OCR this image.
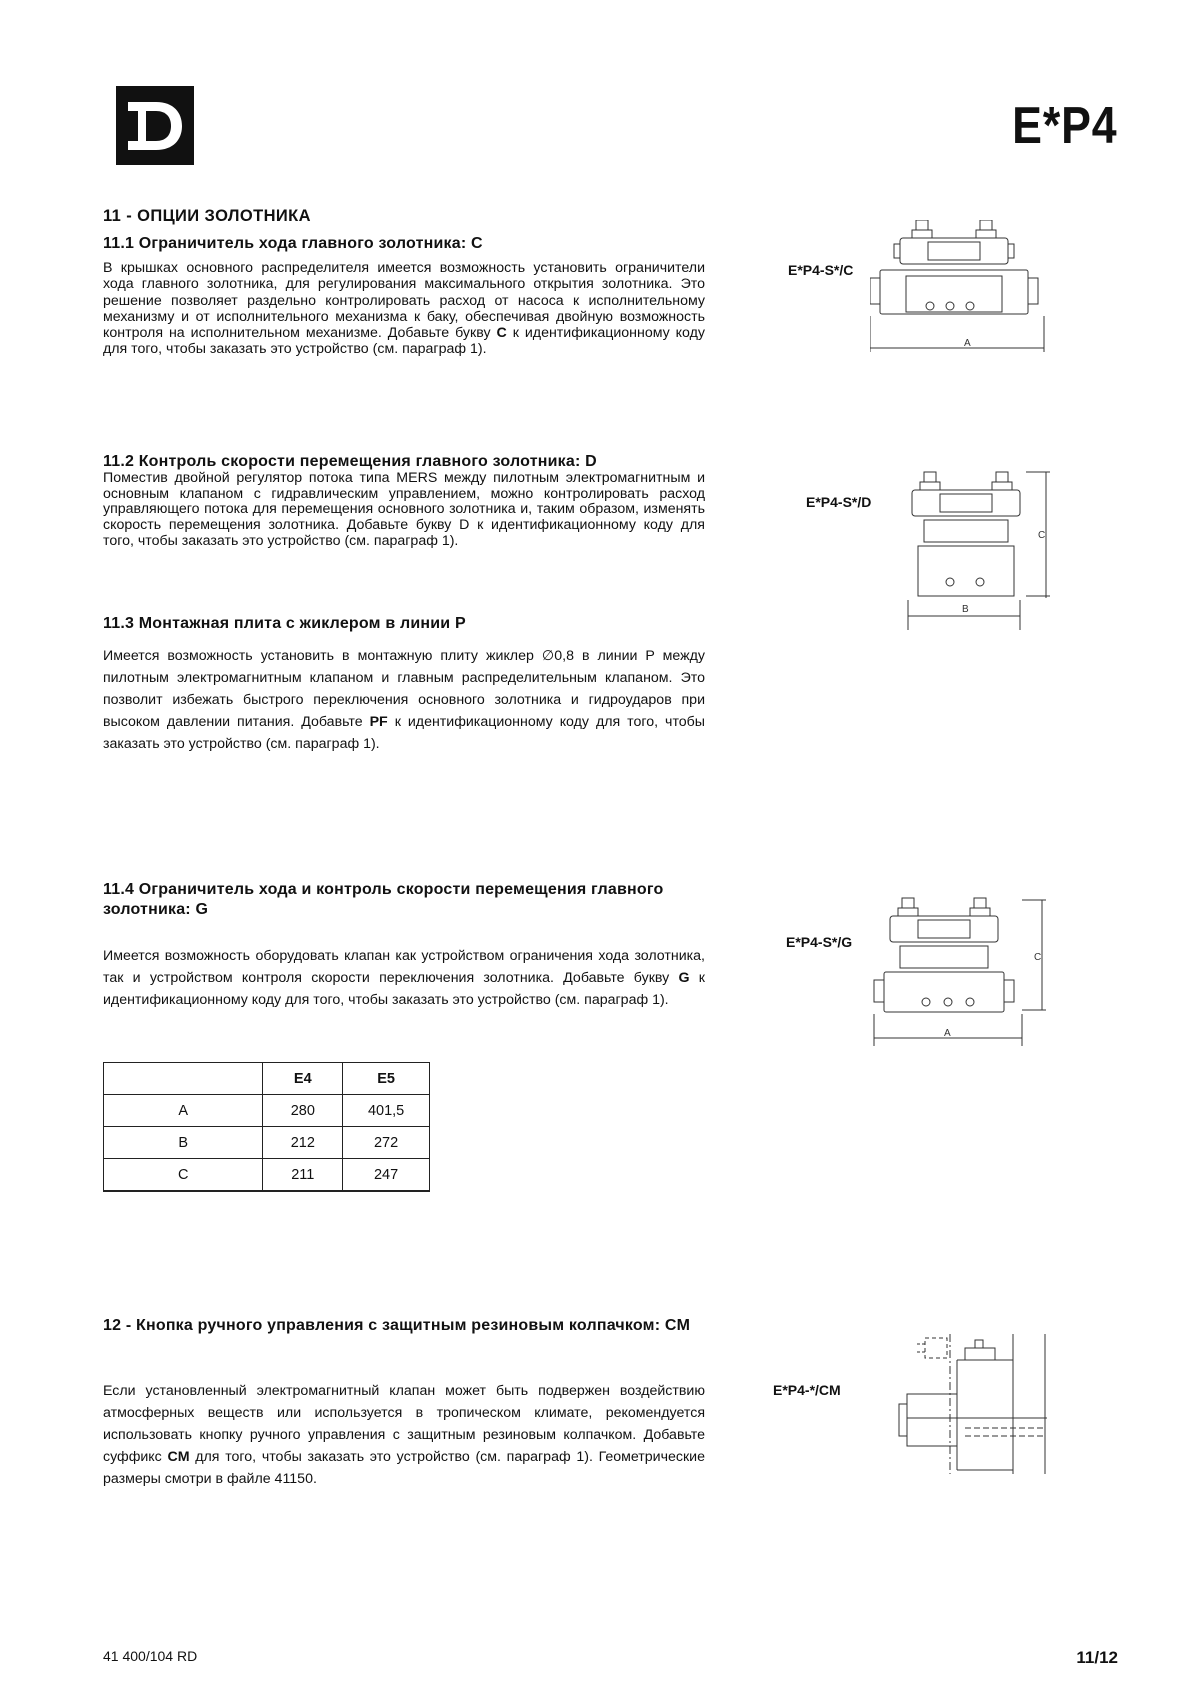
E*P4
11 - ОПЦИИ ЗОЛОТНИКА
11.1 Ограничитель хода главного золотника: C
В крышках основного распределителя имеется возможность установить ограничители хода главного золотника, для регулирования максимального открытия золотника. Это решение позволяет раздельно контролировать расход от насоса к исполнительному механизму и от исполнительного механизма к баку, обеспечивая двойную возможность контроля на исполнительном механизме. Добавьте букву C к идентификационному коду для того, чтобы заказать это устройство (см. параграф 1).
E*P4-S*/C
A
11.2 Контроль скорости перемещения главного золотника: D
Поместив двойной регулятор потока типа MERS между пилотным электромагнитным и основным клапаном с гидравлическим управлением, можно контролировать расход управляющего потока для перемещения основного золотника и, таким образом, изменять скорость перемещения золотника. Добавьте букву D к идентификационному коду для того, чтобы заказать это устройство (см. параграф 1).
E*P4-S*/D
C
B
11.3 Монтажная плита с жиклером в линии P
Имеется возможность установить в монтажную плиту жиклер ∅0,8 в линии P между пилотным электромагнитным клапаном и главным распределительным клапаном. Это позволит избежать быстрого переключения основного золотника и гидроударов при высоком давлении питания. Добавьте PF к идентификационному коду для того, чтобы заказать это устройство (см. параграф 1).
11.4 Ограничитель хода и контроль скорости перемещения главного золотника: G
Имеется возможность оборудовать клапан как устройством ограничения хода золотника, так и устройством контроля скорости переключения золотника. Добавьте букву G к идентификационному коду для того, чтобы заказать это устройство (см. параграф 1).
E*P4-S*/G
A
C
	E4	E5
A	280	401,5
B	212	272
C	211	247
12 - Кнопка ручного управления с защитным резиновым колпачком: CM
Если установленный электромагнитный клапан может быть подвержен воздействию атмосферных веществ или используется в тропическом климате, рекомендуется использовать кнопку ручного управления с защитным резиновым колпачком. Добавьте суффикс CM для того, чтобы заказать это устройство (см. параграф 1). Геометрические размеры смотри в файле 41150.
E*P4-*/CM
41 400/104 RD	11/12
